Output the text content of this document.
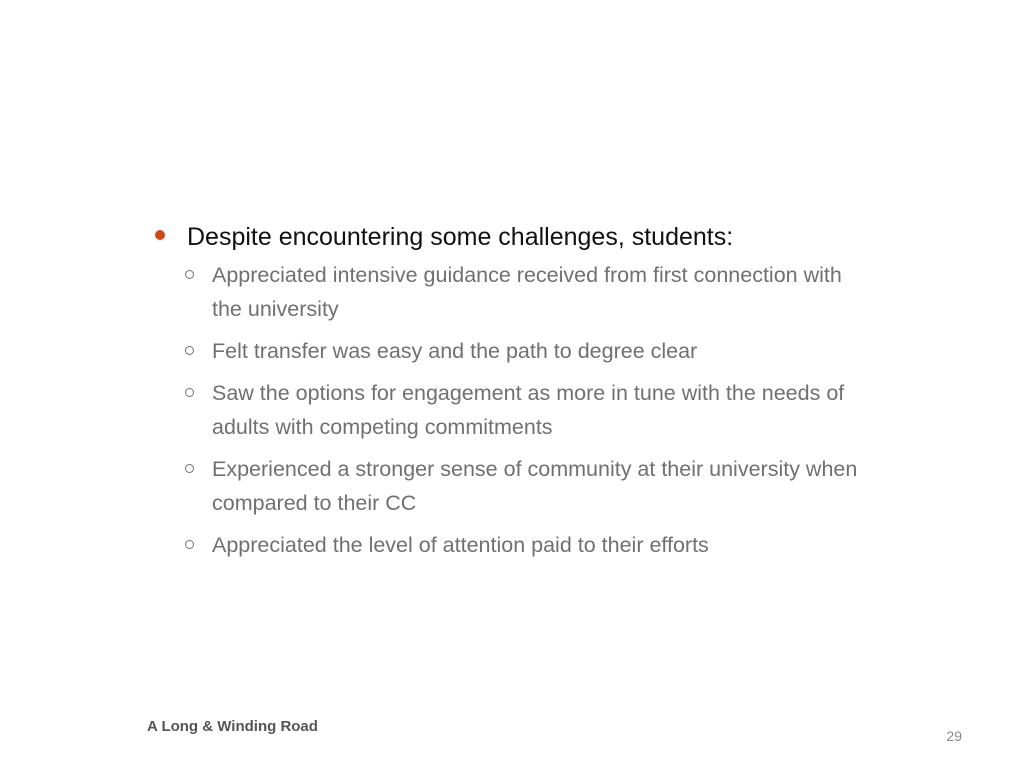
Despite encountering some challenges, students:
Appreciated intensive guidance received from first connection with the university
Felt transfer was easy and the path to degree clear
Saw the options for engagement as more in tune with the needs of adults with competing commitments
Experienced a stronger sense of community at their university when compared to their CC
Appreciated the level of attention paid to their efforts
A Long & Winding Road
29
